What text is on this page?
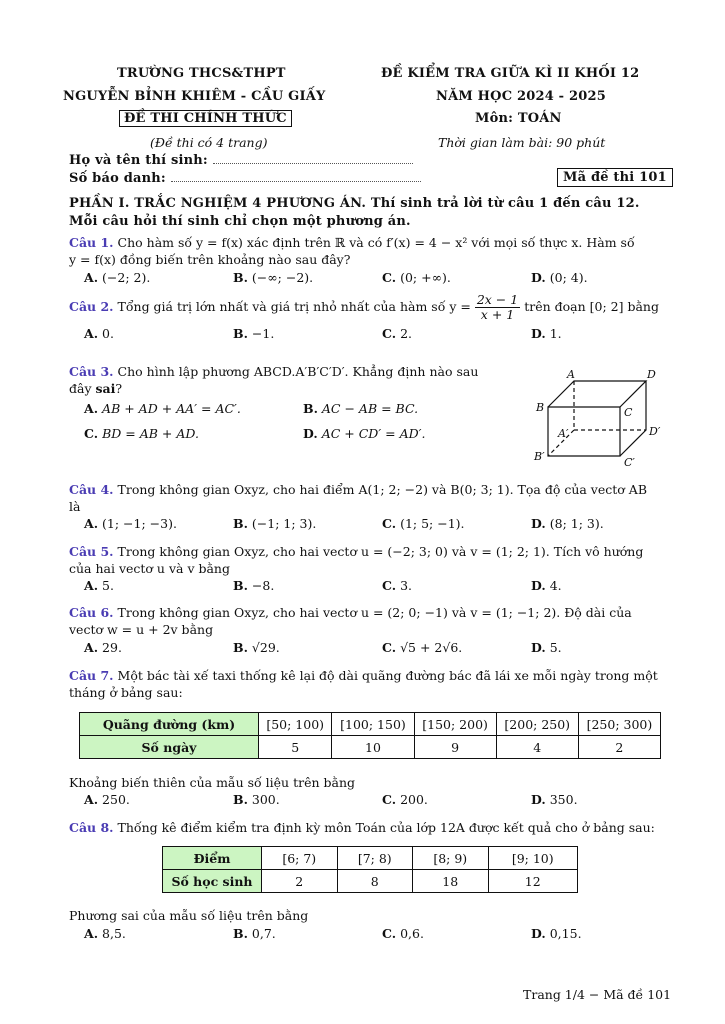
TRƯỜNG THCS&THPT
NGUYỄN BỈNH KHIÊM - CẦU GIẤY
ĐỀ THI CHÍNH THỨC
(Đề thi có 4 trang)
ĐỀ KIỂM TRA GIỮA KÌ II KHỐI 12
NĂM HỌC 2024 - 2025
Môn: TOÁN
Thời gian làm bài: 90 phút
Họ và tên thí sinh:
Số báo danh:	Mã đề thi 101
PHẦN I. TRẮC NGHIỆM 4 PHƯƠNG ÁN. Thí sinh trả lời từ câu 1 đến câu 12.
Mỗi câu hỏi thí sinh chỉ chọn một phương án.
Câu 1. Cho hàm số y = f(x) xác định trên ℝ và có f′(x) = 4 − x² với mọi số thực x. Hàm số
y = f(x) đồng biến trên khoảng nào sau đây?
A. (−2; 2).	B. (−∞; −2).	C. (0; +∞).	D. (0; 4).
Câu 2. Tổng giá trị lớn nhất và giá trị nhỏ nhất của hàm số $y = \frac{2x - 1}{x + 1}$ trên đoạn [0; 2] bằng
A. 0.	B. −1.	C. 2.	D. 1.
Câu 3. Cho hình lập phương ABCD.A′B′C′D′. Khẳng định nào sau
đây sai?
A. AB + AD + AA′ = AC′.	B. AC − AB = BC.
C. BD = AB + AD.	D. AC + CD′ = AD′.
A	D
B	C
A′	D′
B′	C′
Câu 4. Trong không gian Oxyz, cho hai điểm A(1; 2; −2) và B(0; 3; 1). Tọa độ của vectơ AB
là
A. (1; −1; −3).	B. (−1; 1; 3).	C. (1; 5; −1).	D. (8; 1; 3).
Câu 5. Trong không gian Oxyz, cho hai vectơ u = (−2; 3; 0) và v = (1; 2; 1). Tích vô hướng
của hai vectơ u và v bằng
A. 5.	B. −8.	C. 3.	D. 4.
Câu 6. Trong không gian Oxyz, cho hai vectơ u = (2; 0; −1) và v = (1; −1; 2). Độ dài của
vectơ w = u + 2v bằng
A. 29.	B. √29.	C. √5 + 2√6.	D. 5.
Câu 7. Một bác tài xế taxi thống kê lại độ dài quãng đường bác đã lái xe mỗi ngày trong một
tháng ở bảng sau:
Quãng đường (km)	[50; 100)	[100; 150)	[150; 200)	[200; 250)	[250; 300)
Số ngày	5	10	9	4	2
Khoảng biến thiên của mẫu số liệu trên bằng
A. 250.	B. 300.	C. 200.	D. 350.
Câu 8. Thống kê điểm kiểm tra định kỳ môn Toán của lớp 12A được kết quả cho ở bảng sau:
Điểm	[6; 7)	[7; 8)	[8; 9)	[9; 10)
Số học sinh	2	8	18	12
Phương sai của mẫu số liệu trên bằng
A. 8,5.	B. 0,7.	C. 0,6.	D. 0,15.
Trang 1/4 − Mã đề 101
